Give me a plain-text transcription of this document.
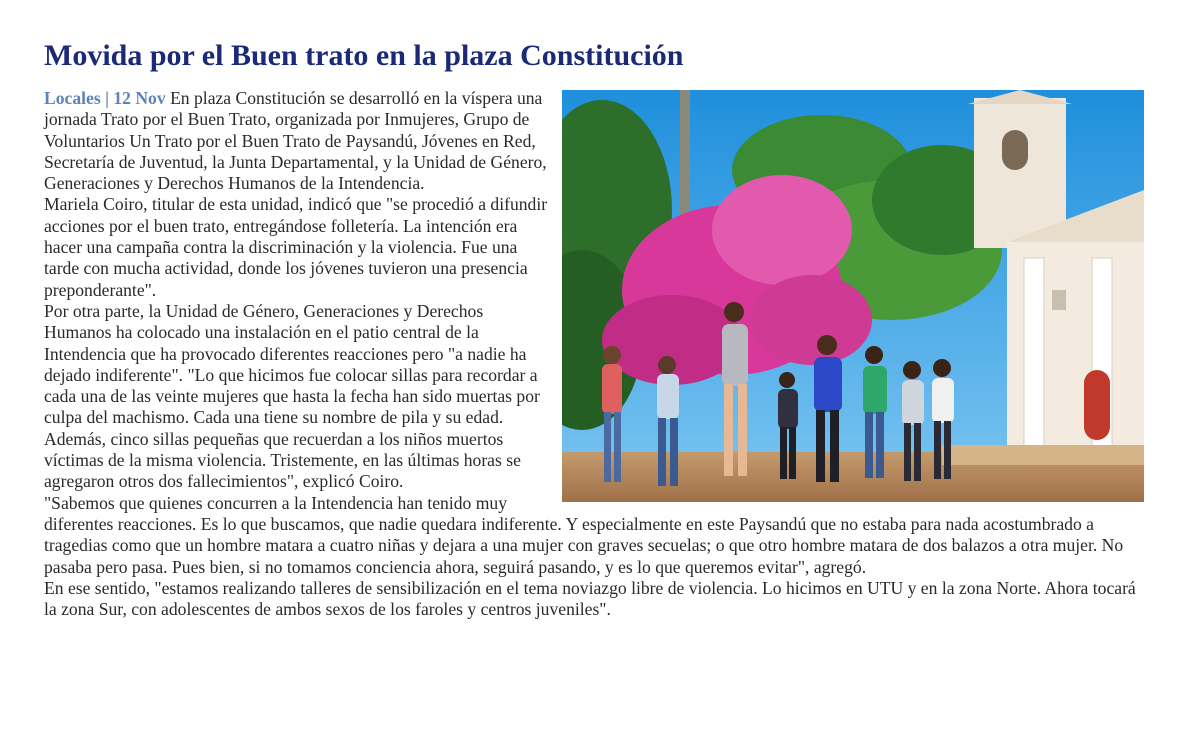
Movida por el Buen trato en la plaza Constitución
Locales | 12 Nov En plaza Constitución se desarrolló en la víspera una jornada Trato por el Buen Trato, organizada por Inmujeres, Grupo de Voluntarios Un Trato por el Buen Trato de Paysandú, Jóvenes en Red, Secretaría de Juventud, la Junta Departamental, y la Unidad de Género, Generaciones y Derechos Humanos de la Intendencia.
Mariela Coiro, titular de esta unidad, indicó que "se procedió a difundir acciones por el buen trato, entregándose folletería. La intención era hacer una campaña contra la discriminación y la violencia. Fue una tarde con mucha actividad, donde los jóvenes tuvieron una presencia preponderante".
Por otra parte, la Unidad de Género, Generaciones y Derechos Humanos ha colocado una instalación en el patio central de la Intendencia que ha provocado diferentes reacciones pero "a nadie ha dejado indiferente". "Lo que hicimos fue colocar sillas para recordar a cada una de las veinte mujeres que hasta la fecha han sido muertas por culpa del machismo. Cada una tiene su nombre de pila y su edad. Además, cinco sillas pequeñas que recuerdan a los niños muertos víctimas de la misma violencia. Tristemente, en las últimas horas se agregaron otros dos fallecimientos", explicó Coiro.
"Sabemos que quienes concurren a la Intendencia han tenido muy diferentes reacciones. Es lo que buscamos, que nadie quedara indiferente. Y especialmente en este Paysandú que no estaba para nada acostumbrado a tragedias como que un hombre matara a cuatro niñas y dejara a una mujer con graves secuelas; o que otro hombre matara de dos balazos a otra mujer. No pasaba pero pasa. Pues bien, si no tomamos conciencia ahora, seguirá pasando, y es lo que queremos evitar", agregó.
En ese sentido, "estamos realizando talleres de sensibilización en el tema noviazgo libre de violencia. Lo hicimos en UTU y en la zona Norte. Ahora tocará la zona Sur, con adolescentes de ambos sexos de los faroles y centros juveniles".
